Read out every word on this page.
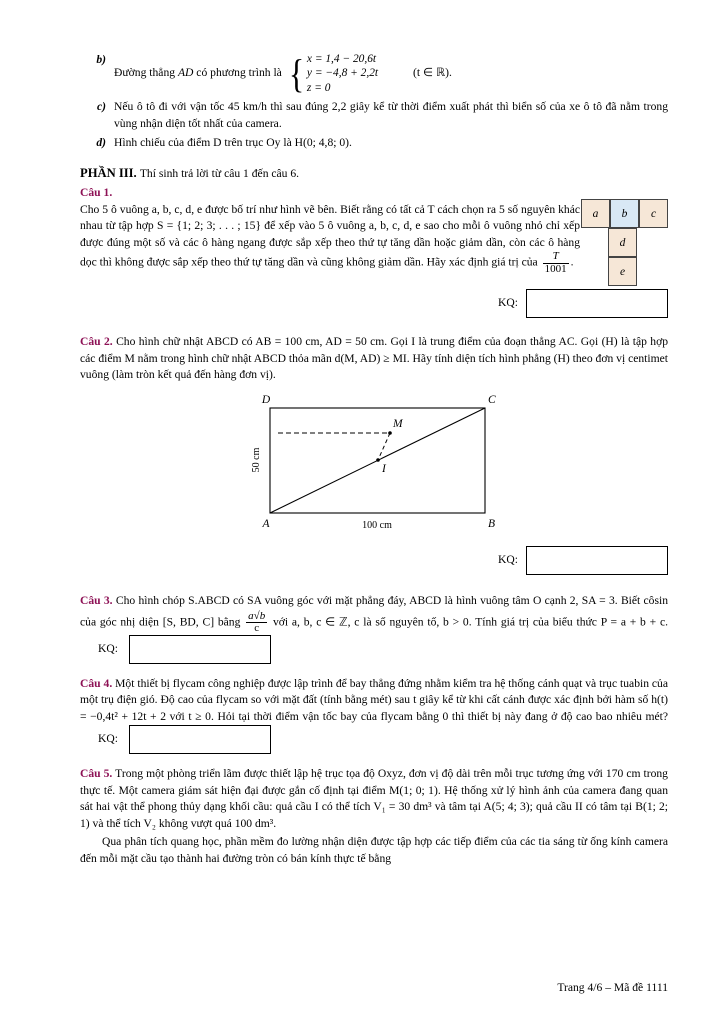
b)
Đường thẳng AD có phương trình là { x = 1,4 − 20,6t
y = −4,8 + 2,2t
z = 0
(t ∈ ℝ).
c) Nếu ô tô đi với vận tốc 45 km/h thì sau đúng 2,2 giây kể từ thời điểm xuất phát thì biển số của xe ô tô đã nằm trong vùng nhận diện tốt nhất của camera.
d) Hình chiếu của điểm D trên trục Oy là H(0; 4,8; 0).
PHẦN III. Thí sinh trả lời từ câu 1 đến câu 6.
Câu 1.
Cho 5 ô vuông a, b, c, d, e được bố trí như hình vẽ bên. Biết rằng có tất cả T cách chọn ra 5 số nguyên khác nhau từ tập hợp S = {1; 2; 3; . . . ; 15} để xếp vào 5 ô vuông a, b, c, d, e sao cho mỗi ô vuông nhỏ chỉ xếp được đúng một số và các ô hàng ngang được sắp xếp theo thứ tự tăng dần hoặc giảm dần, còn các ô hàng dọc thì không được sắp xếp theo thứ tự tăng dần và cũng không giảm dần. Hãy xác định giá trị của $\frac{T}{1001}$ .
a	b	c
d
e
KQ:
Câu 2. Cho hình chữ nhật ABCD có AB = 100 cm, AD = 50 cm. Gọi I là trung điểm của đoạn thẳng AC. Gọi (H) là tập hợp các điểm M nằm trong hình chữ nhật ABCD thỏa mãn d(M, AD) ≥ MI. Hãy tính diện tích hình phẳng (H) theo đơn vị centimet vuông (làm tròn kết quả đến hàng đơn vị).
D	C
A	B
M
I
50 cm
100 cm
KQ:
Câu 3. Cho hình chóp S.ABCD có SA vuông góc với mặt phẳng đáy, ABCD là hình vuông tâm O cạnh 2, SA = 3. Biết côsin của góc nhị diện [S, BD, C] bằng $\frac{a√b}{c}$ với a, b, c ∈ ℤ, c là số nguyên tố, b > 0. Tính giá trị của biểu thức P = a + b + c. KQ:
Câu 4. Một thiết bị flycam công nghiệp được lập trình để bay thẳng đứng nhằm kiểm tra hệ thống cánh quạt và trục tuabin của một trụ điện gió. Độ cao của flycam so với mặt đất (tính bằng mét) sau t giây kể từ khi cất cánh được xác định bởi hàm số h(t) = −0,4t² + 12t + 2 với t ≥ 0. Hỏi tại thời điểm vận tốc bay của flycam bằng 0 thì thiết bị này đang ở độ cao bao nhiêu mét? KQ:
Câu 5. Trong một phòng triển lãm được thiết lập hệ trục tọa độ Oxyz, đơn vị độ dài trên mỗi trục tương ứng với 170 cm trong thực tế. Một camera giám sát hiện đại được gắn cố định tại điểm M(1; 0; 1). Hệ thống xử lý hình ảnh của camera đang quan sát hai vật thể phong thủy dạng khối cầu: quả cầu I có thể tích V₁ = 30 dm³ và tâm tại A(5; 4; 3); quả cầu II có tâm tại B(1; 2; 1) và thể tích V₂ không vượt quá 100 dm³.
Qua phân tích quang học, phần mềm đo lường nhận diện được tập hợp các tiếp điểm của các tia sáng từ ống kính camera đến mỗi mặt cầu tạo thành hai đường tròn có bán kính thực tế bằng
Trang 4/6 – Mã đề 1111
